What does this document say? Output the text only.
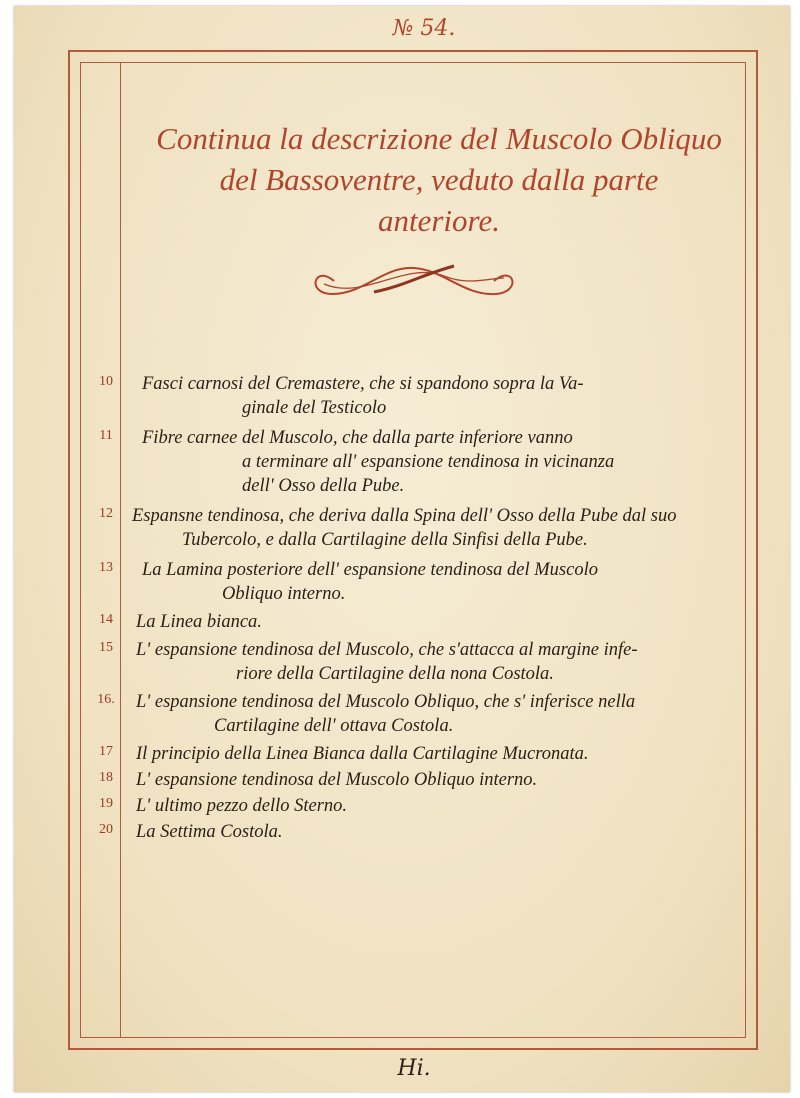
№ 54.
Continua la descrizione del Muscolo Obliquo
del Bassoventre, veduto dalla parte
anteriore.
10	Fasci carnosi del Cremastere, che si spandono sopra la Va-
ginale del Testicolo
11	Fibre carnee del Muscolo, che dalla parte inferiore vanno
a terminare all' espansione tendinosa in vicinanza
dell' Osso della Pube.
12	Espansne tendinosa, che deriva dalla Spina dell' Osso della Pube dal suo
Tubercolo, e dalla Cartilagine della Sinfisi della Pube.
13	La Lamina posteriore dell' espansione tendinosa del Muscolo
Obliquo interno.
14	La Linea bianca.
15	L' espansione tendinosa del Muscolo, che s'attacca al margine infe-
riore della Cartilagine della nona Costola.
16. L' espansione tendinosa del Muscolo Obliquo, che s' inferisce nella
Cartilagine dell' ottava Costola.
17	Il principio della Linea Bianca dalla Cartilagine Mucronata.
18	L' espansione tendinosa del Muscolo Obliquo interno.
19	L' ultimo pezzo dello Sterno.
20	La Settima Costola.
Hi.
